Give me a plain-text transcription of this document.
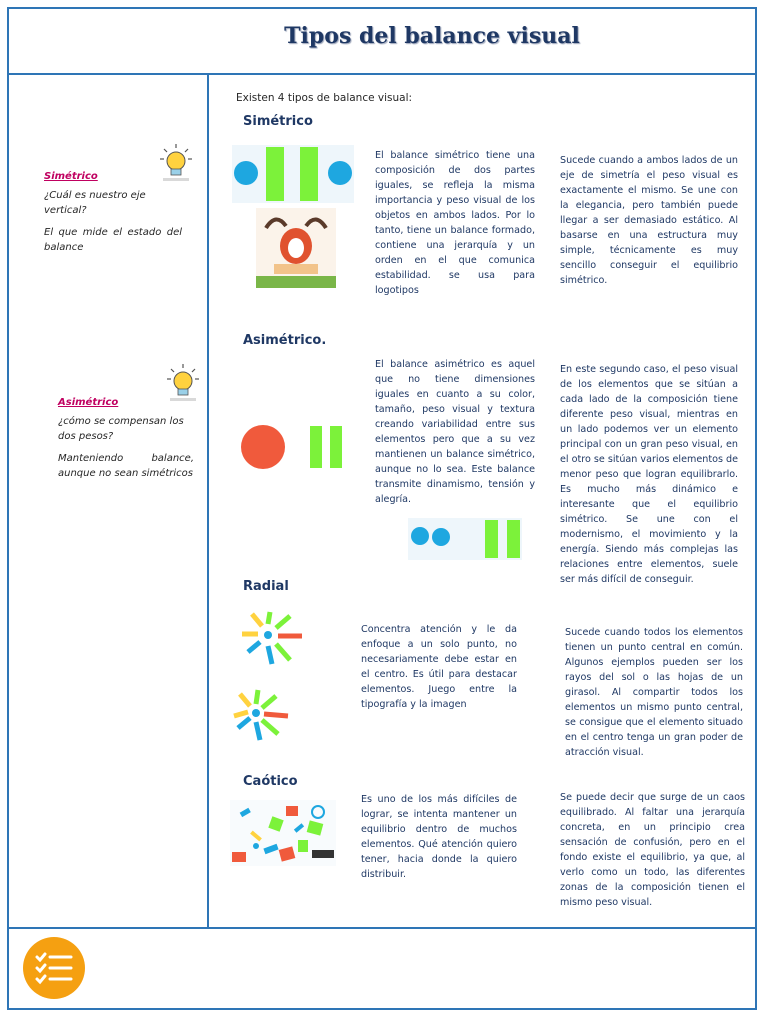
Tipos del balance visual
Simétrico
¿Cuál es nuestro eje vertical?
El que mide el estado del balance
Asimétrico
¿cómo se compensan los dos pesos?
Manteniendo balance, aunque no sean simétricos
Existen 4 tipos de balance visual:
Simétrico
El balance simétrico tiene una composición de dos partes iguales, se refleja la misma importancia y peso visual de los objetos en ambos lados. Por lo tanto, tiene un balance formado, contiene una jerarquía y un orden en el que comunica estabilidad. se usa para logotipos
Sucede cuando a ambos lados de un eje de simetría el peso visual es exactamente el mismo. Se une con la elegancia, pero también puede llegar a ser demasiado estático. Al basarse en una estructura muy simple, técnicamente es muy sencillo conseguir el equilibrio simétrico.
Asimétrico.
El balance asimétrico es aquel que no tiene dimensiones iguales en cuanto a su color, tamaño, peso visual y textura creando variabilidad entre sus elementos pero que a su vez mantienen un balance simétrico, aunque no lo sea. Este balance transmite dinamismo, tensión y alegría.
En este segundo caso, el peso visual de los elementos que se sitúan a cada lado de la composición tiene diferente peso visual, mientras en un lado podemos ver un elemento principal con un gran peso visual, en el otro se sitúan varios elementos de menor peso que logran equilibrarlo. Es mucho más dinámico e interesante que el equilibrio simétrico. Se une con el modernismo, el movimiento y la energía. Siendo más complejas las relaciones entre elementos, suele ser más difícil de conseguir.
Radial
Concentra atención y le da enfoque a un solo punto, no necesariamente debe estar en el centro. Es útil para destacar elementos. Juego entre la tipografía y la imagen
Sucede cuando todos los elementos tienen un punto central en común. Algunos ejemplos pueden ser los rayos del sol o las hojas de un girasol. Al compartir todos los elementos un mismo punto central, se consigue que el elemento situado en el centro tenga un gran poder de atracción visual.
Caótico
Es uno de los más difíciles de lograr, se intenta mantener un equilibrio dentro de muchos elementos. Qué atención quiero tener, hacia donde la quiero distribuir.
Se puede decir que surge de un caos equilibrado. Al faltar una jerarquía concreta, en un principio crea sensación de confusión, pero en el fondo existe el equilibrio, ya que, al verlo como un todo, las diferentes zonas de la composición tienen el mismo peso visual.
